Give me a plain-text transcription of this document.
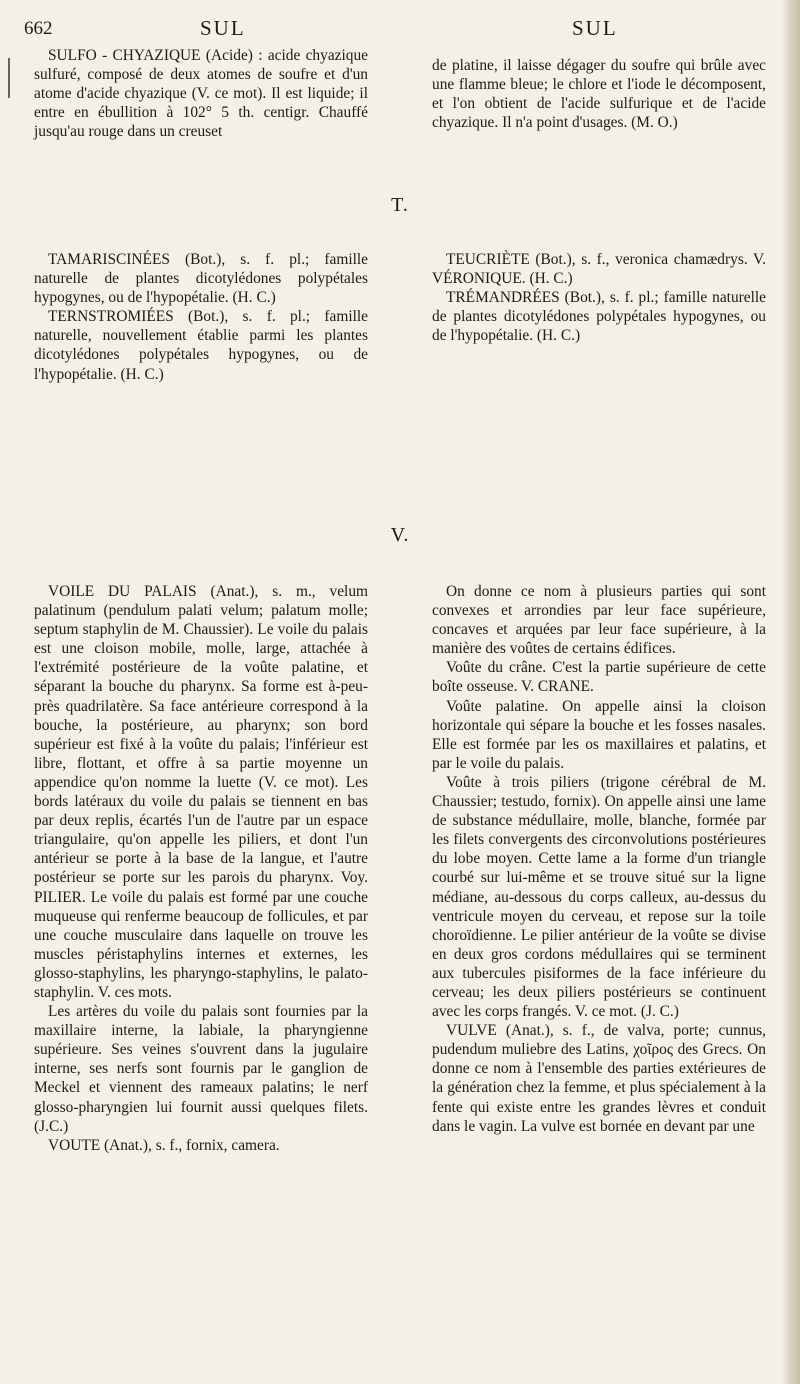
662	SUL	SUL

SULFO - CHYAZIQUE (Acide) : acide chyazique sulfuré, composé de deux atomes de soufre et d'un atome d'acide chyazique (V. ce mot). Il est liquide; il entre en ébullition à 102° 5 th. centigr. Chauffé jusqu'au rouge dans un creuset

de platine, il laisse dégager du soufre qui brûle avec une flamme bleue; le chlore et l'iode le décomposent, et l'on obtient de l'acide sulfurique et de l'acide chyazique. Il n'a point d'usages. (M. O.)

T.

TAMARISCINÉES (Bot.), s. f. pl.; famille naturelle de plantes dicotylédones polypétales hypogynes, ou de l'hypopétalie. (H. C.)

TERNSTROMIÉES (Bot.), s. f. pl.; famille naturelle, nouvellement établie parmi les plantes dicotylédones polypétales hypogynes, ou de l'hypopétalie. (H. C.)

TEUCRIÈTE (Bot.), s. f., veronica chamædrys. V. VÉRONIQUE. (H. C.)

TRÉMANDRÉES (Bot.), s. f. pl.; famille naturelle de plantes dicotylédones polypétales hypogynes, ou de l'hypopétalie. (H. C.)

V.

VOILE DU PALAIS (Anat.), s. m., velum palatinum (pendulum palati velum; palatum molle; septum staphylin de M. Chaussier). Le voile du palais est une cloison mobile, molle, large, attachée à l'extrémité postérieure de la voûte palatine, et séparant la bouche du pharynx. Sa forme est à-peu-près quadrilatère. Sa face antérieure correspond à la bouche, la postérieure, au pharynx; son bord supérieur est fixé à la voûte du palais; l'inférieur est libre, flottant, et offre à sa partie moyenne un appendice qu'on nomme la luette (V. ce mot). Les bords latéraux du voile du palais se tiennent en bas par deux replis, écartés l'un de l'autre par un espace triangulaire, qu'on appelle les piliers, et dont l'un antérieur se porte à la base de la langue, et l'autre postérieur se porte sur les parois du pharynx. Voy. PILIER. Le voile du palais est formé par une couche muqueuse qui renferme beaucoup de follicules, et par une couche musculaire dans laquelle on trouve les muscles péristaphylins internes et externes, les glosso-staphylins, les pharyngo-staphylins, le palato-staphylin. V. ces mots.

Les artères du voile du palais sont fournies par la maxillaire interne, la labiale, la pharyngienne supérieure. Ses veines s'ouvrent dans la jugulaire interne, ses nerfs sont fournis par le ganglion de Meckel et viennent des rameaux palatins; le nerf glosso-pharyngien lui fournit aussi quelques filets. (J.C.)

VOUTE (Anat.), s. f., fornix, camera.

On donne ce nom à plusieurs parties qui sont convexes et arrondies par leur face supérieure, concaves et arquées par leur face supérieure, à la manière des voûtes de certains édifices.

Voûte du crâne. C'est la partie supérieure de cette boîte osseuse. V. CRANE.

Voûte palatine. On appelle ainsi la cloison horizontale qui sépare la bouche et les fosses nasales. Elle est formée par les os maxillaires et palatins, et par le voile du palais.

Voûte à trois piliers (trigone cérébral de M. Chaussier; testudo, fornix). On appelle ainsi une lame de substance médullaire, molle, blanche, formée par les filets convergents des circonvolutions postérieures du lobe moyen. Cette lame a la forme d'un triangle courbé sur lui-même et se trouve situé sur la ligne médiane, au-dessous du corps calleux, au-dessus du ventricule moyen du cerveau, et repose sur la toile choroïdienne. Le pilier antérieur de la voûte se divise en deux gros cordons médullaires qui se terminent aux tubercules pisiformes de la face inférieure du cerveau; les deux piliers postérieurs se continuent avec les corps frangés. V. ce mot. (J. C.)

VULVE (Anat.), s. f., de valva, porte; cunnus, pudendum muliebre des Latins, χοῖρος des Grecs. On donne ce nom à l'ensemble des parties extérieures de la génération chez la femme, et plus spécialement à la fente qui existe entre les grandes lèvres et conduit dans le vagin. La vulve est bornée en devant par une
